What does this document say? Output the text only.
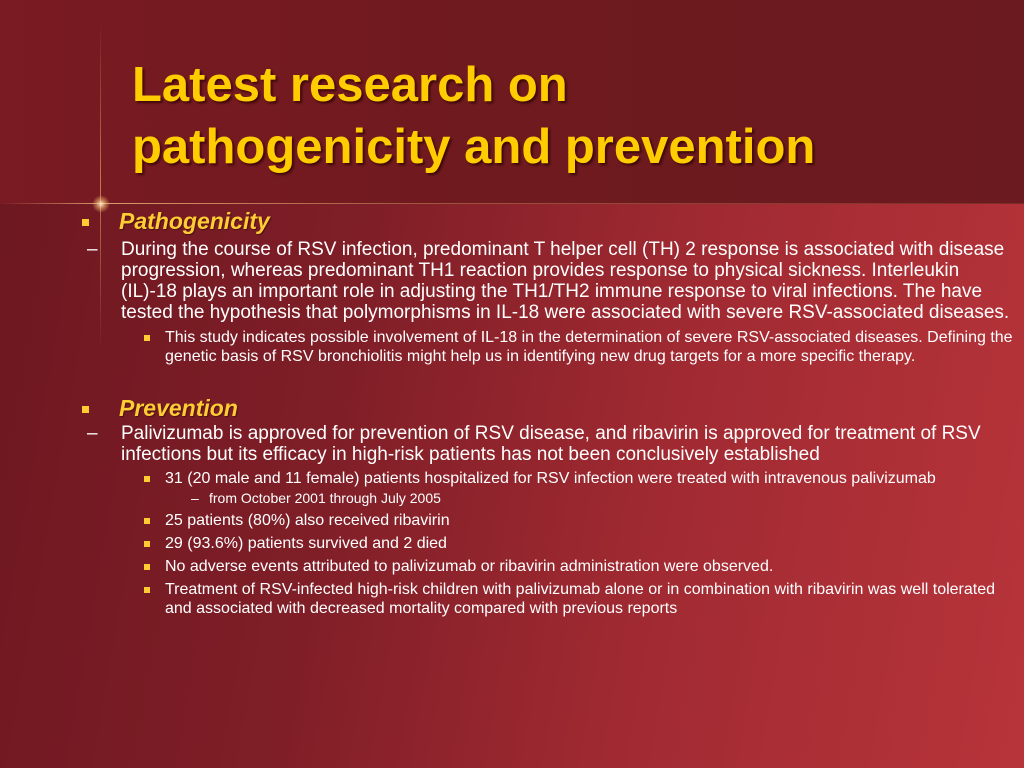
Latest research on
pathogenicity and prevention
Pathogenicity
– During the course of RSV infection, predominant T helper cell (TH) 2 response is associated with disease progression, whereas predominant TH1 reaction provides response to physical sickness. Interleukin (IL)-18 plays an important role in adjusting the TH1/TH2 immune response to viral infections. The have tested the hypothesis that polymorphisms in IL-18 were associated with severe RSV-associated diseases.
This study indicates possible involvement of IL-18 in the determination of severe RSV-associated diseases. Defining the genetic basis of RSV bronchiolitis might help us in identifying new drug targets for a more specific therapy.
Prevention
– Palivizumab is approved for prevention of RSV disease, and ribavirin is approved for treatment of RSV infections but its efficacy in high-risk patients has not been conclusively established
31 (20 male and 11 female) patients hospitalized for RSV infection were treated with intravenous palivizumab
– from October 2001 through July 2005
25 patients (80%) also received ribavirin
29 (93.6%) patients survived and 2 died
No adverse events attributed to palivizumab or ribavirin administration were observed.
Treatment of RSV-infected high-risk children with palivizumab alone or in combination with ribavirin was well tolerated and associated with decreased mortality compared with previous reports
